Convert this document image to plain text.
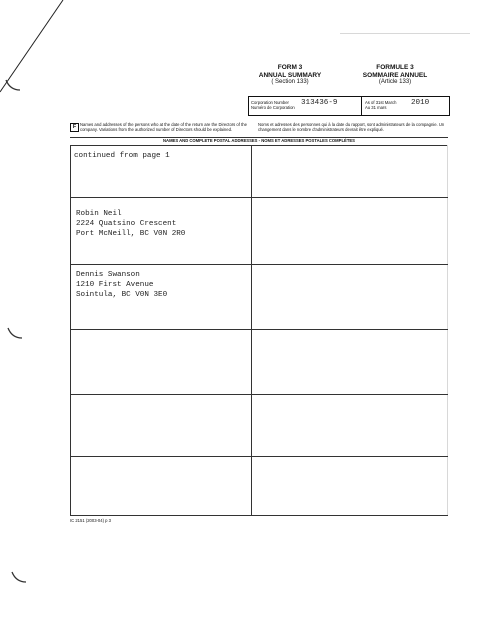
FORM 3
ANNUAL SUMMARY
( Section 133)
FORMULE 3
SOMMAIRE ANNUEL
(Article 133)
Corporation Number
Numéro de Corporation
313436-9	As of 31st March
Au 31 mars
2010
F Names and addresses of the persons who at the date of the return are the Directors of the company. Variations from the authorized number of Directors should be explained.
Noms et adresses des personnes qui à la date du rapport, sont administrateurs de la compagnie. Un changement dans le nombre d'administrateurs devrait être expliqué.
NAMES AND COMPLETE POSTAL ADDRESSES - NOMS ET ADRESSES POSTALES COMPLÈTES
continued from page 1
Robin Neil
2224 Quatsino Crescent
Port McNeill, BC V0N 2R0
Dennis Swanson
1210 First Avenue
Sointula, BC V0N 3E0
IC 2151 (2003-04) p 3
